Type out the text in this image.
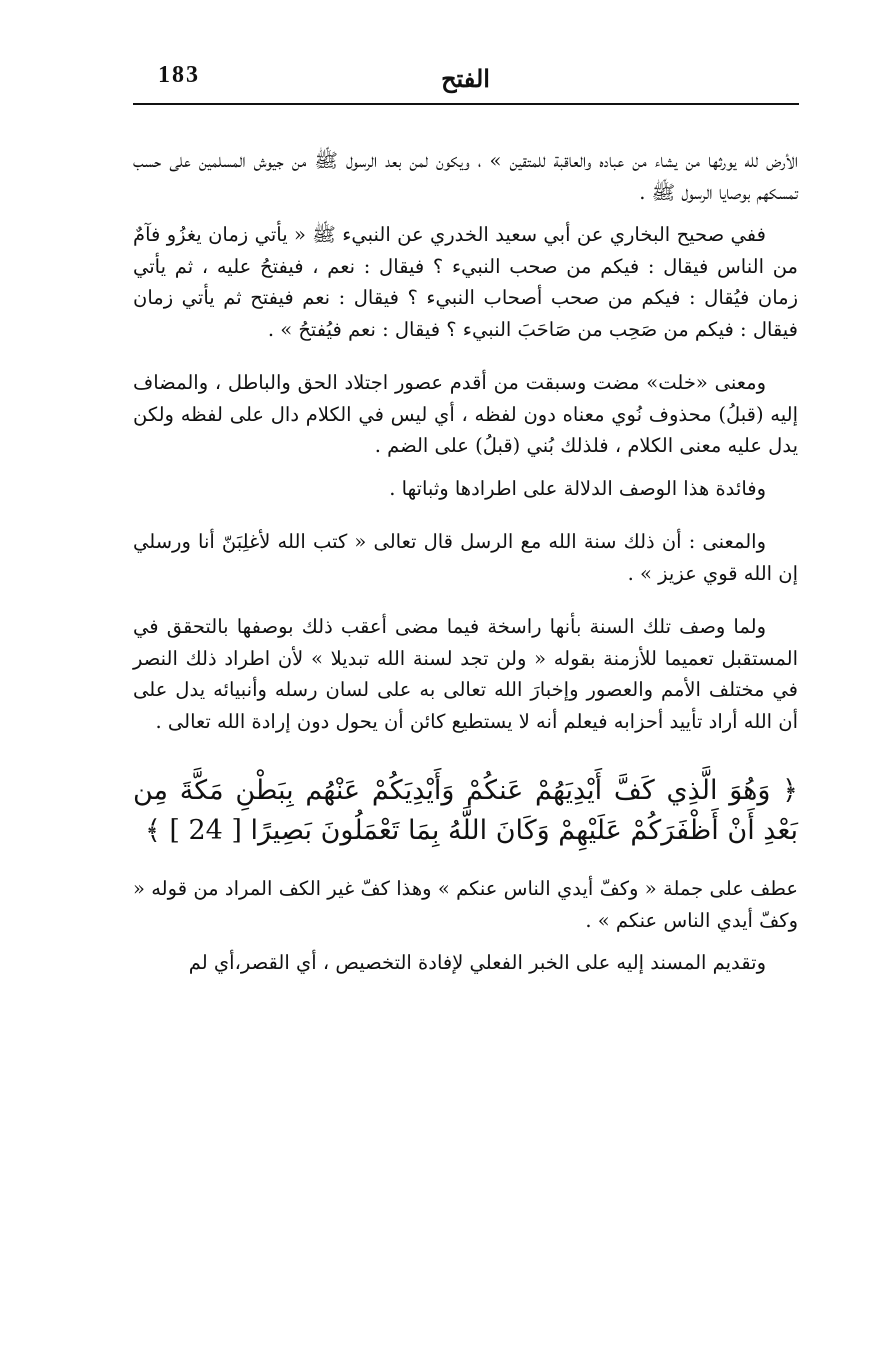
183	الفتح

الأرض لله يورثها من يشاء من عباده والعاقبة للمتقين » ، ويكون لمن بعد الرسول ﷺ من جيوش المسلمين على حسب تمسكهم بوصايا الرسول ﷺ .

ففي صحيح البخاري عن أبي سعيد الخدري عن النبيء ﷺ « يأتي زمان يغزُو فآمٌ من الناس فيقال : فيكم من صحب النبيء ؟ فيقال : نعم ، فيفتحُ عليه ، ثم يأتي زمان فيُقال : فيكم من صحب أصحاب النبيء ؟ فيقال : نعم فيفتح ثم يأتي زمان فيقال : فيكم من صَحِب من صَاحَبَ النبيء ؟ فيقال : نعم فيُفتحُ » .

ومعنى «خلت» مضت وسبقت من أقدم عصور اجتلاد الحق والباطل ، والمضاف إليه (قبلُ) محذوف نُوي معناه دون لفظه ، أي ليس في الكلام دال على لفظه ولكن يدل عليه معنى الكلام ، فلذلك بُني (قبلُ) على الضم .

وفائدة هذا الوصف الدلالة على اطرادها وثباتها .

والمعنى : أن ذلك سنة الله مع الرسل قال تعالى « كتب الله لأغلِبَنّ أنا ورسلي إن الله قوي عزيز » .

ولما وصف تلك السنة بأنها راسخة فيما مضى أعقب ذلك بوصفها بالتحقق في المستقبل تعميما للأزمنة بقوله « ولن تجد لسنة الله تبديلا » لأن اطراد ذلك النصر في مختلف الأمم والعصور وإخبارَ الله تعالى به على لسان رسله وأنبيائه يدل على أن الله أراد تأييد أحزابه فيعلم أنه لا يستطيع كائن أن يحول دون إرادة الله تعالى .

﴿ وَهُوَ الَّذِي كَفَّ أَيْدِيَهُمْ عَنكُمْ وَأَيْدِيَكُمْ عَنْهُم بِبَطْنِ مَكَّةَ مِن بَعْدِ أَنْ أَظْفَرَكُمْ عَلَيْهِمْ وَكَانَ اللَّهُ بِمَا تَعْمَلُونَ بَصِيرًا [ 24 ] ﴾

عطف على جملة « وكفّ أيدي الناس عنكم » وهذا كفّ غير الكف المراد من قوله « وكفّ أيدي الناس عنكم » .

وتقديم المسند إليه على الخبر الفعلي لإفادة التخصيص ، أي القصر،أي لم
